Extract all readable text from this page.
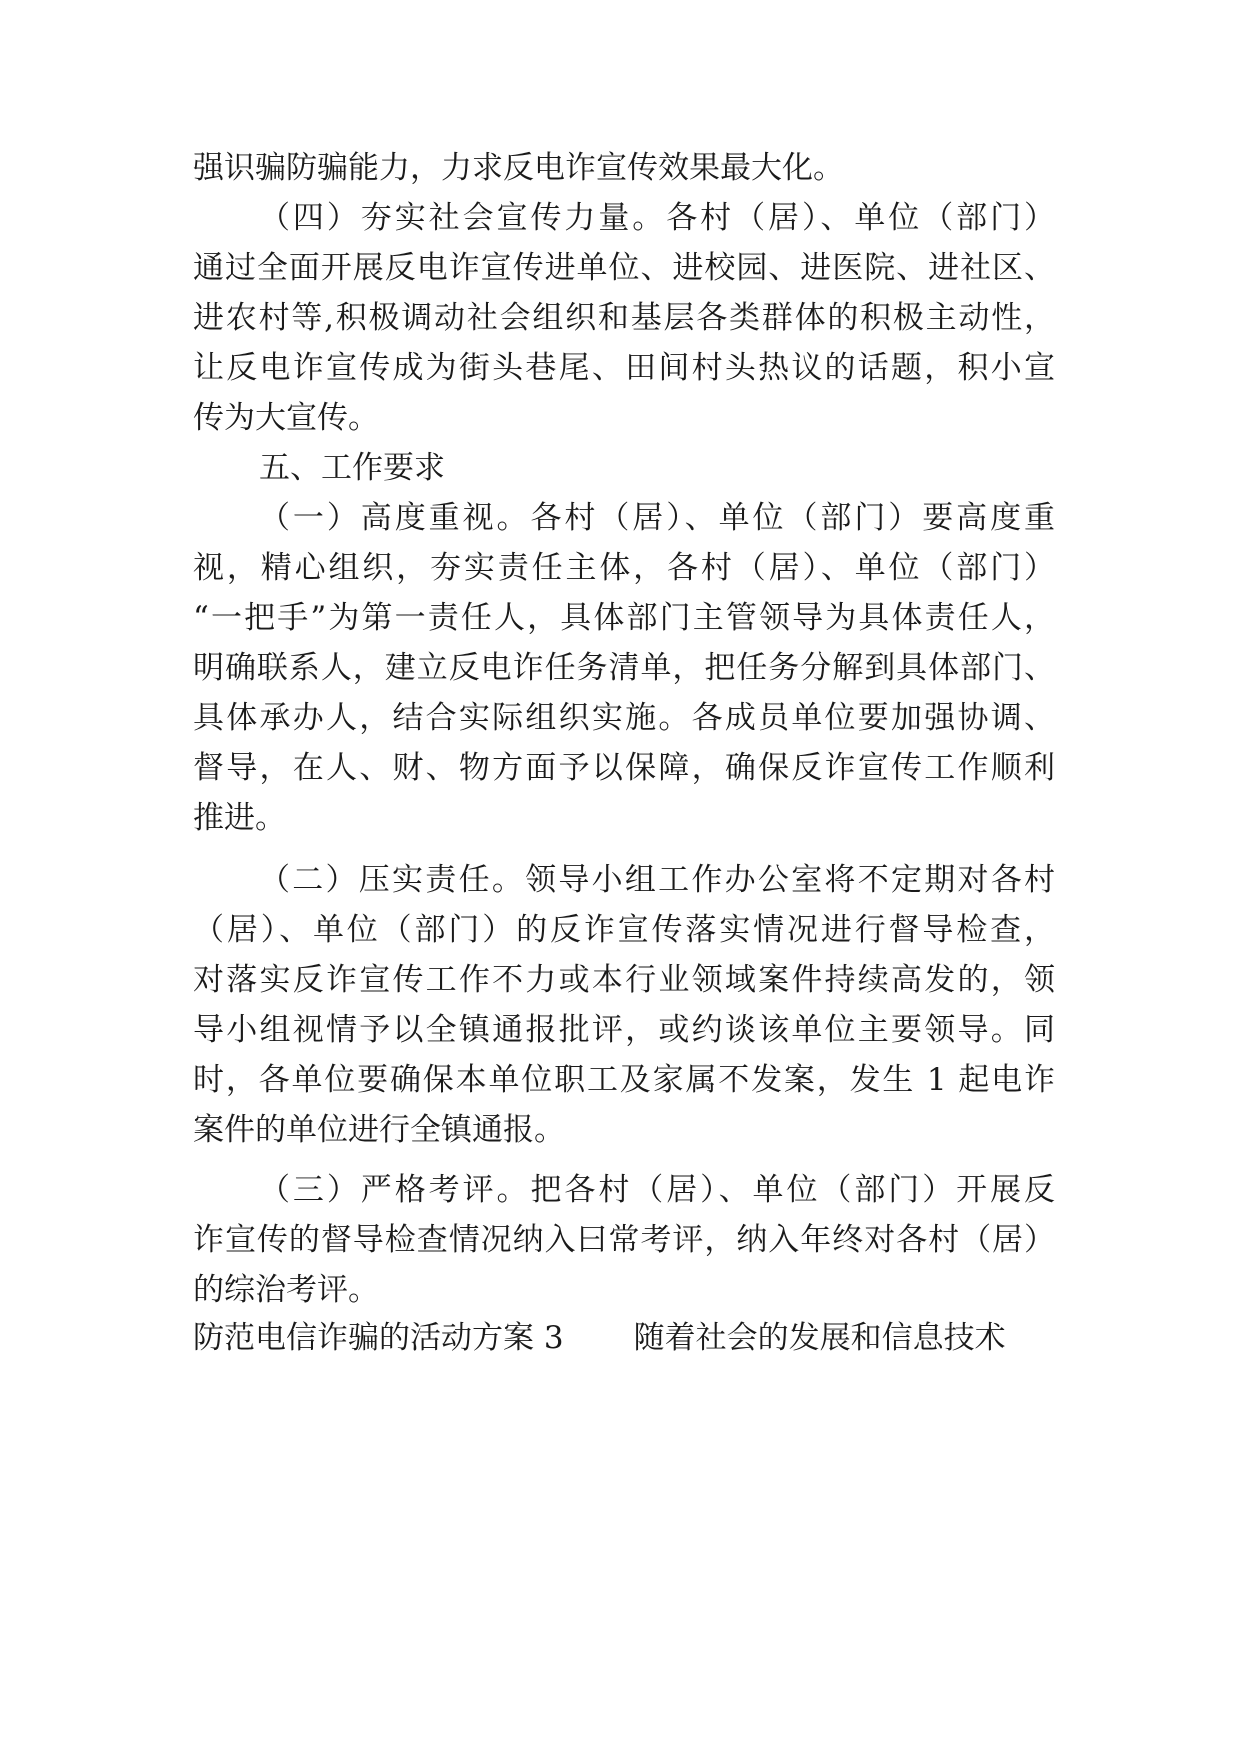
强识骗防骗能力，力求反电诈宣传效果最大化。
（四）夯实社会宣传力量。各村（居）、单位（部门）
通过全面开展反电诈宣传进单位、进校园、进医院、进社区、
进农村等,积极调动社会组织和基层各类群体的积极主动性，
让反电诈宣传成为街头巷尾、田间村头热议的话题，积小宣
传为大宣传。
五、工作要求
（一）高度重视。各村（居）、单位（部门）要高度重
视，精心组织，夯实责任主体，各村（居）、单位（部门）
“一把手”为第一责任人，具体部门主管领导为具体责任人，
明确联系人，建立反电诈任务清单，把任务分解到具体部门、
具体承办人，结合实际组织实施。各成员单位要加强协调、
督导，在人、财、物方面予以保障，确保反诈宣传工作顺利
推进。
（二）压实责任。领导小组工作办公室将不定期对各村
（居）、单位（部门）的反诈宣传落实情况进行督导检查，
对落实反诈宣传工作不力或本行业领域案件持续高发的，领
导小组视情予以全镇通报批评，或约谈该单位主要领导。同
时，各单位要确保本单位职工及家属不发案，发生 1 起电诈
案件的单位进行全镇通报。
（三）严格考评。把各村（居）、单位（部门）开展反
诈宣传的督导检查情况纳入曰常考评，纳入年终对各村（居）
的综治考评。
防范电信诈骗的活动方案 3 随着社会的发展和信息技术
